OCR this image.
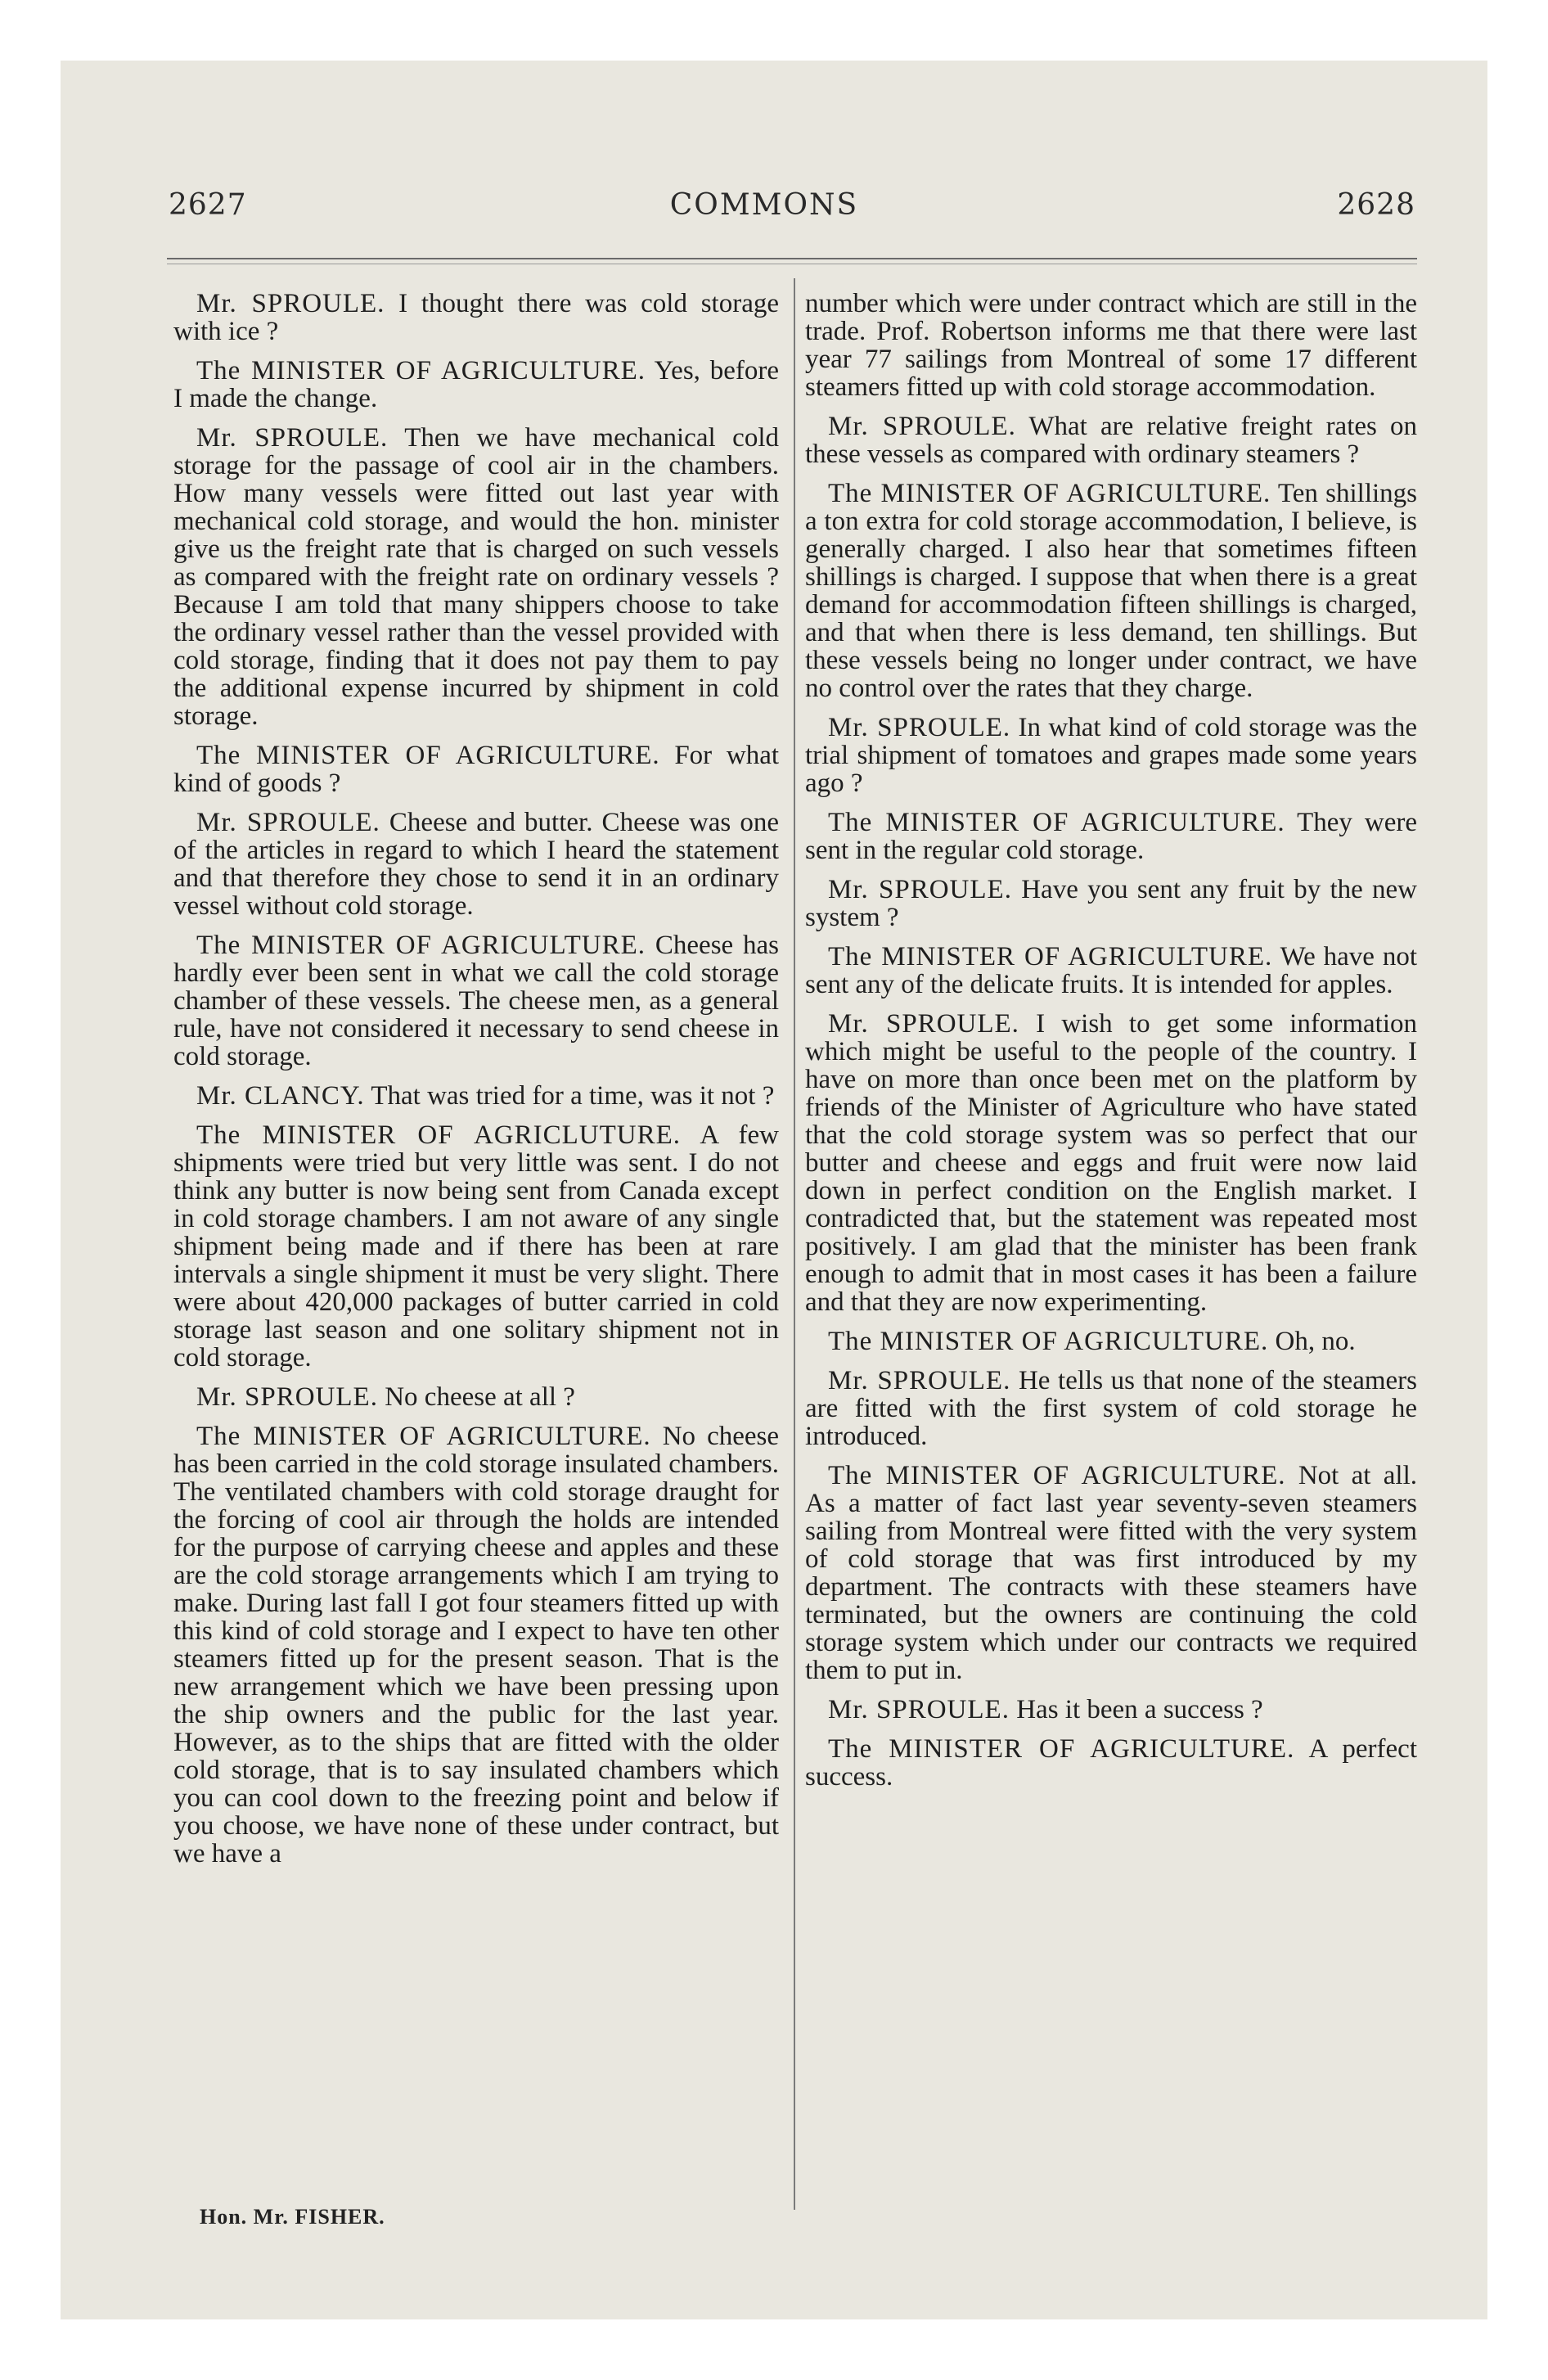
2627	COMMONS	2628

Mr. SPROULE. I thought there was cold storage with ice ?

The MINISTER OF AGRICULTURE. Yes, before I made the change.

Mr. SPROULE. Then we have mechanical cold storage for the passage of cool air in the chambers. How many vessels were fitted out last year with mechanical cold storage, and would the hon. minister give us the freight rate that is charged on such vessels as compared with the freight rate on ordinary vessels ? Because I am told that many shippers choose to take the ordinary vessel rather than the vessel provided with cold storage, finding that it does not pay them to pay the additional expense incurred by shipment in cold storage.

The MINISTER OF AGRICULTURE. For what kind of goods ?

Mr. SPROULE. Cheese and butter. Cheese was one of the articles in regard to which I heard the statement and that therefore they chose to send it in an ordinary vessel without cold storage.

The MINISTER OF AGRICULTURE. Cheese has hardly ever been sent in what we call the cold storage chamber of these vessels. The cheese men, as a general rule, have not considered it necessary to send cheese in cold storage.

Mr. CLANCY. That was tried for a time, was it not ?

The MINISTER OF AGRICLUTURE. A few shipments were tried but very little was sent. I do not think any butter is now being sent from Canada except in cold storage chambers. I am not aware of any single shipment being made and if there has been at rare intervals a single shipment it must be very slight. There were about 420,000 packages of butter carried in cold storage last season and one solitary shipment not in cold storage.

Mr. SPROULE. No cheese at all ?

The MINISTER OF AGRICULTURE. No cheese has been carried in the cold storage insulated chambers. The ventilated chambers with cold storage draught for the forcing of cool air through the holds are intended for the purpose of carrying cheese and apples and these are the cold storage arrangements which I am trying to make. During last fall I got four steamers fitted up with this kind of cold storage and I expect to have ten other steamers fitted up for the present season. That is the new arrangement which we have been pressing upon the ship owners and the public for the last year. However, as to the ships that are fitted with the older cold storage, that is to say insulated chambers which you can cool down to the freezing point and below if you choose, we have none of these under contract, but we have a

number which were under contract which are still in the trade. Prof. Robertson informs me that there were last year 77 sailings from Montreal of some 17 different steamers fitted up with cold storage accommodation.

Mr. SPROULE. What are relative freight rates on these vessels as compared with ordinary steamers ?

The MINISTER OF AGRICULTURE. Ten shillings a ton extra for cold storage accommodation, I believe, is generally charged. I also hear that sometimes fifteen shillings is charged. I suppose that when there is a great demand for accommodation fifteen shillings is charged, and that when there is less demand, ten shillings. But these vessels being no longer under contract, we have no control over the rates that they charge.

Mr. SPROULE. In what kind of cold storage was the trial shipment of tomatoes and grapes made some years ago ?

The MINISTER OF AGRICULTURE. They were sent in the regular cold storage.

Mr. SPROULE. Have you sent any fruit by the new system ?

The MINISTER OF AGRICULTURE. We have not sent any of the delicate fruits. It is intended for apples.

Mr. SPROULE. I wish to get some information which might be useful to the people of the country. I have on more than once been met on the platform by friends of the Minister of Agriculture who have stated that the cold storage system was so perfect that our butter and cheese and eggs and fruit were now laid down in perfect condition on the English market. I contradicted that, but the statement was repeated most positively. I am glad that the minister has been frank enough to admit that in most cases it has been a failure and that they are now experimenting.

The MINISTER OF AGRICULTURE. Oh, no.

Mr. SPROULE. He tells us that none of the steamers are fitted with the first system of cold storage he introduced.

The MINISTER OF AGRICULTURE. Not at all. As a matter of fact last year seventy-seven steamers sailing from Montreal were fitted with the very system of cold storage that was first introduced by my department. The contracts with these steamers have terminated, but the owners are continuing the cold storage system which under our contracts we required them to put in.

Mr. SPROULE. Has it been a success ?

The MINISTER OF AGRICULTURE. A perfect success.

Hon. Mr. FISHER.
